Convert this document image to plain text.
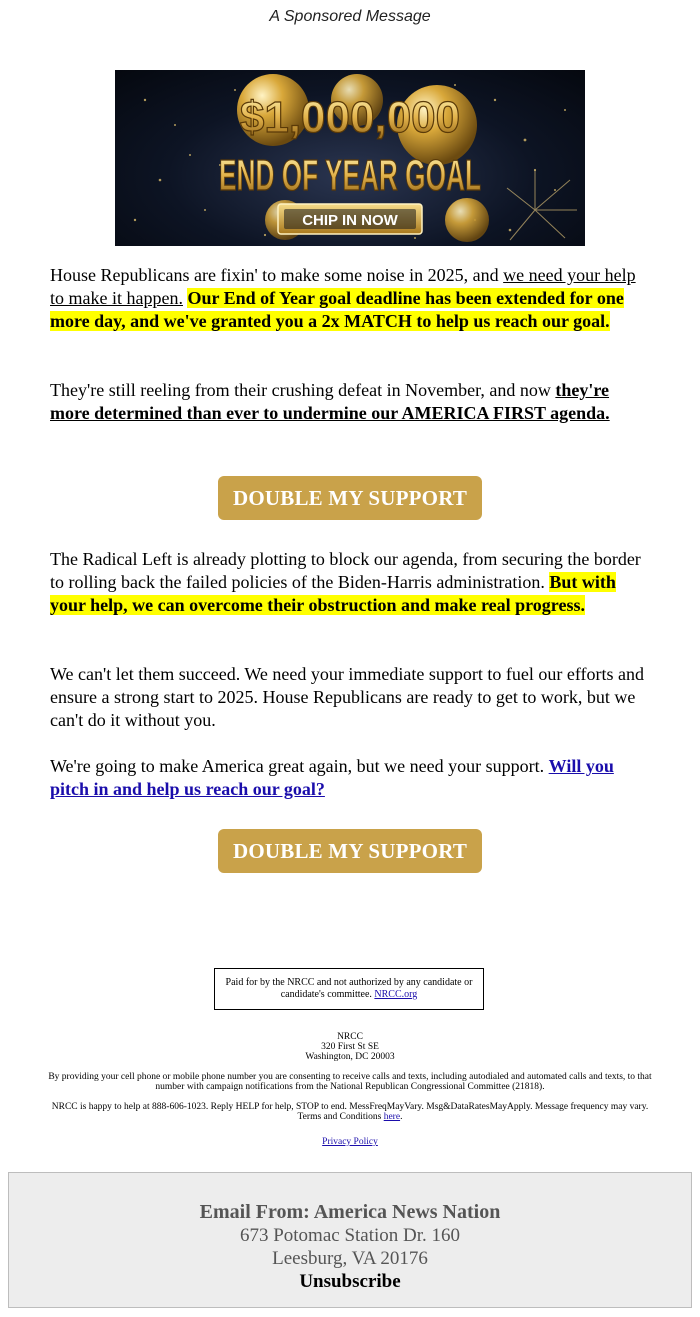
A Sponsored Message
$1,000,000
END OF YEAR GOAL
CHIP IN NOW
House Republicans are fixin' to make some noise in 2025, and we need your help to make it happen. Our End of Year goal deadline has been extended for one more day, and we've granted you a 2x MATCH to help us reach our goal.
They're still reeling from their crushing defeat in November, and now they're more determined than ever to undermine our AMERICA FIRST agenda.
DOUBLE MY SUPPORT
The Radical Left is already plotting to block our agenda, from securing the border to rolling back the failed policies of the Biden-Harris administration. But with your help, we can overcome their obstruction and make real progress.
We can't let them succeed. We need your immediate support to fuel our efforts and ensure a strong start to 2025. House Republicans are ready to get to work, but we can't do it without you.
We're going to make America great again, but we need your support. Will you pitch in and help us reach our goal?
DOUBLE MY SUPPORT
Paid for by the NRCC and not authorized by any candidate or candidate's committee. NRCC.org
NRCC
320 First St SE
Washington, DC 20003
By providing your cell phone or mobile phone number you are consenting to receive calls and texts, including autodialed and automated calls and texts, to that number with campaign notifications from the National Republican Congressional Committee (21818).
NRCC is happy to help at 888-606-1023. Reply HELP for help, STOP to end. MessFreqMayVary. Msg&DataRatesMayApply. Message frequency may vary. Terms and Conditions here.
Privacy Policy
Email From: America News Nation
673 Potomac Station Dr. 160
Leesburg, VA 20176
Unsubscribe
